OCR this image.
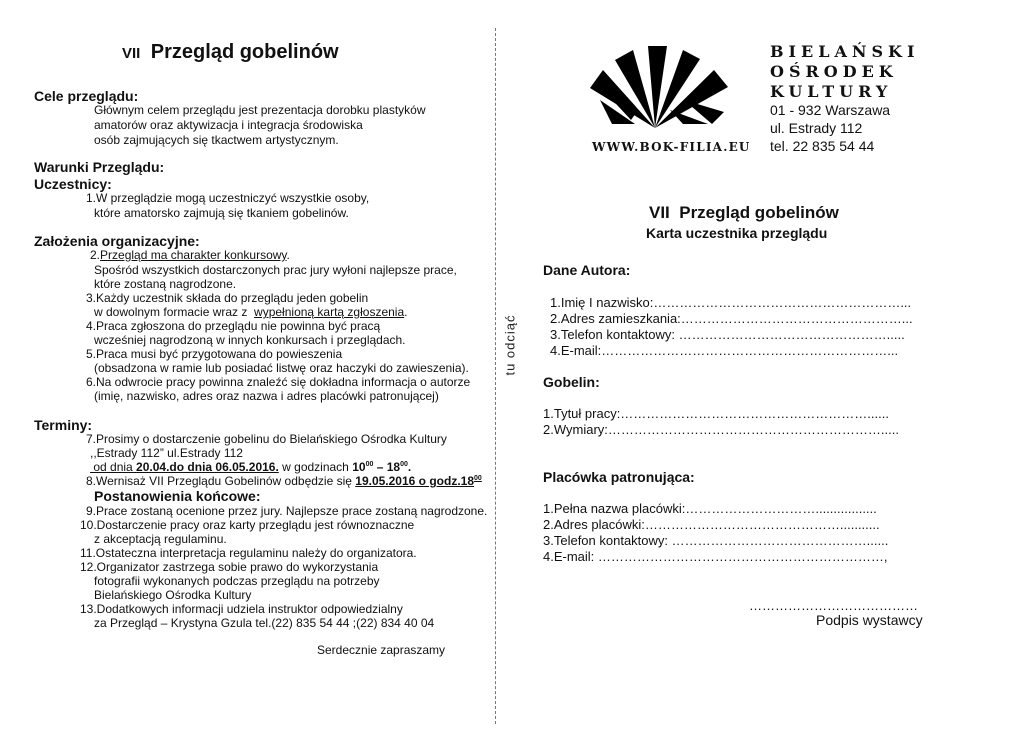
VII Przegląd gobelinów
Cele przeglądu:
Głównym celem przeglądu jest prezentacja dorobku plastyków
amatorów oraz aktywizacja i integracja środowiska
osób zajmujących się tkactwem artystycznym.
Warunki Przeglądu:
Uczestnicy:
1.W przeglądzie mogą uczestniczyć wszystkie osoby,
które amatorsko zajmują się tkaniem gobelinów.
Założenia organizacyjne:
2.Przegląd ma charakter konkursowy.
Spośród wszystkich dostarczonych prac jury wyłoni najlepsze prace,
które zostaną nagrodzone.
3.Każdy uczestnik składa do przeglądu jeden gobelin
w dowolnym formacie wraz z  wypełnioną kartą zgłoszenia.
4.Praca zgłoszona do przeglądu nie powinna być pracą
wcześniej nagrodzoną w innych konkursach i przeglądach.
5.Praca musi być przygotowana do powieszenia
(obsadzona w ramie lub posiadać listwę oraz haczyki do zawieszenia).
6.Na odwrocie pracy powinna znaleźć się dokładna informacja o autorze
(imię, nazwisko, adres oraz nazwa i adres placówki patronującej)
Terminy:
7.Prosimy o dostarczenie gobelinu do Bielańskiego Ośrodka Kultury
,,Estrady 112” ul.Estrady 112
od dnia 20.04.do dnia 06.05.2016. w godzinach $10^{00} - 18^{00}$.
8.Wernisaż VII Przeglądu Gobelinów odbędzie się 19.05.2016 o $godz.18^{00}$
Postanowienia końcowe:
9.Prace zostaną ocenione przez jury. Najlepsze prace zostaną nagrodzone.
10.Dostarczenie pracy oraz karty przeglądu jest równoznaczne
z akceptacją regulaminu.
11.Ostateczna interpretacja regulaminu należy do organizatora.
12.Organizator zastrzega sobie prawo do wykorzystania
fotografii wykonanych podczas przeglądu na potrzeby
Bielańskiego Ośrodka Kultury
13.Dodatkowych informacji udziela instruktor odpowiedzialny
za Przegląd – Krystyna Gzula tel.(22) 835 54 44 ;(22) 834 40 04
Serdecznie zapraszamy
tu odciąć
WWW.BOK-FILIA.EU
BIELAŃSKI
OŚRODEK
KULTURY
01 - 932 Warszawa
ul. Estrady 112
tel. 22 835 54 44
VII  Przegląd gobelinów
Karta uczestnika przeglądu
Dane Autora:
1.Imię I nazwisko:…………………………………………………...
2.Adres zamieszkania:……………………………………………...
3.Telefon kontaktowy: ………………………………………….....
4.E-mail:…………………………………………………………...
Gobelin:
1.Tytuł pracy:…………………………………………………......
2.Wymiary:……………………………………………………….....
Placówka patronująca:
1.Pełna nazwa placówki:………………………….................
2.Adres placówki:………………………………………...........
3.Telefon kontaktowy: ………………………………………......
4.E-mail: …………………………………………………………,
…………………………………
Podpis wystawcy
